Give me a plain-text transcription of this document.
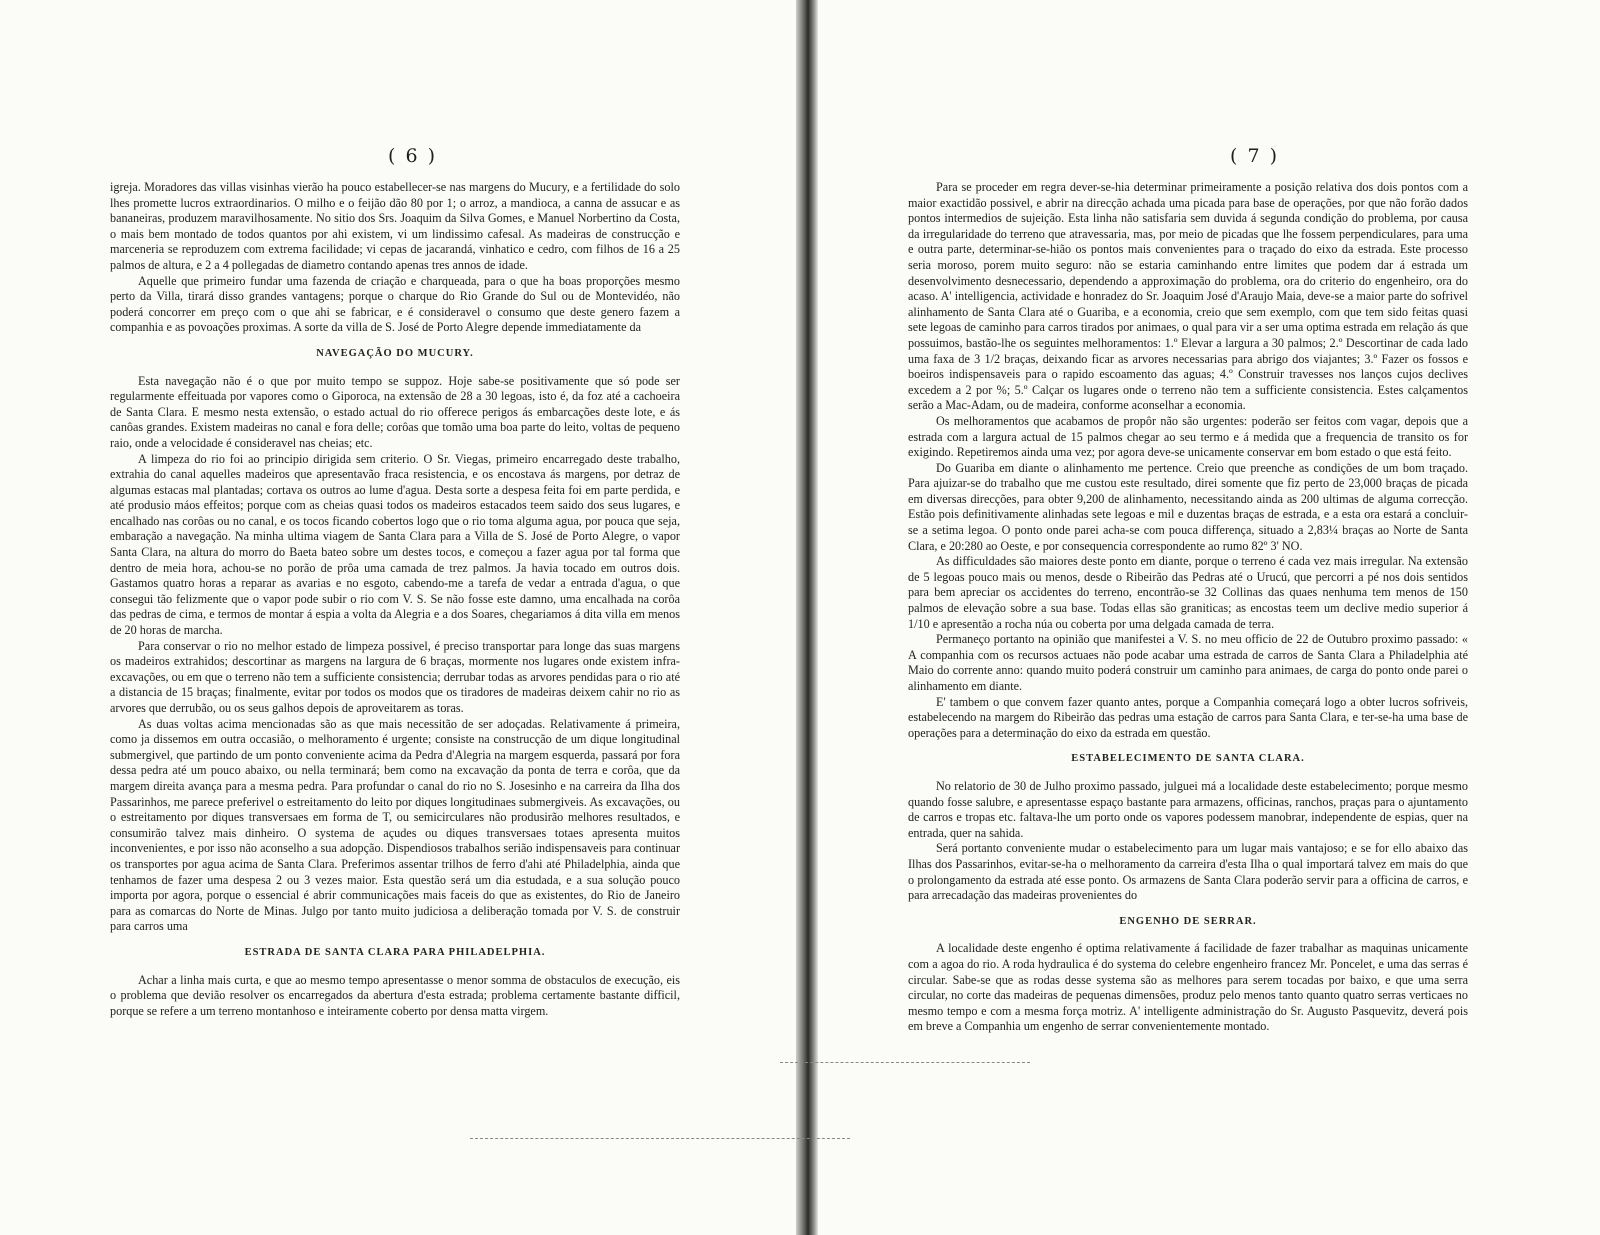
( 6 )

igreja. Moradores das villas visinhas vierão ha pouco estabellecer-se nas margens do Mucury, e a fertilidade do solo lhes promette lucros extraordinarios. O milho e o feijão dão 80 por 1; o arroz, a mandioca, a canna de assucar e as bananeiras, produzem maravilhosamente. No sitio dos Srs. Joaquim da Silva Gomes, e Manuel Norbertino da Costa, o mais bem montado de todos quantos por ahi existem, vi um lindissimo cafesal. As madeiras de construcção e marceneria se reproduzem com extrema facilidade; vi cepas de jacarandá, vinhatico e cedro, com filhos de 16 a 25 palmos de altura, e 2 a 4 pollegadas de diametro contando apenas tres annos de idade.

Aquelle que primeiro fundar uma fazenda de criação e charqueada, para o que ha boas proporções mesmo perto da Villa, tirará disso grandes vantagens; porque o charque do Rio Grande do Sul ou de Montevidéo, não poderá concorrer em preço com o que ahi se fabricar, e é consideravel o consumo que deste genero fazem a companhia e as povoações proximas. A sorte da villa de S. José de Porto Alegre depende immediatamente da

NAVEGAÇÃO DO MUCURY.

Esta navegação não é o que por muito tempo se suppoz. Hoje sabe-se positivamente que só pode ser regularmente effeituada por vapores como o Giporoca, na extensão de 28 a 30 legoas, isto é, da foz até a cachoeira de Santa Clara. E mesmo nesta extensão, o estado actual do rio offerece perigos ás embarcações deste lote, e ás canôas grandes. Existem madeiras no canal e fora delle; corôas que tomão uma boa parte do leito, voltas de pequeno raio, onde a velocidade é consideravel nas cheias; etc.

A limpeza do rio foi ao principio dirigida sem criterio. O Sr. Viegas, primeiro encarregado deste trabalho, extrahia do canal aquelles madeiros que apresentavão fraca resistencia, e os encostava ás margens, por detraz de algumas estacas mal plantadas; cortava os outros ao lume d'agua. Desta sorte a despesa feita foi em parte perdida, e até produsio máos effeitos; porque com as cheias quasi todos os madeiros estacados teem saido dos seus lugares, e encalhado nas corôas ou no canal, e os tocos ficando cobertos logo que o rio toma alguma agua, por pouca que seja, embaração a navegação. Na minha ultima viagem de Santa Clara para a Villa de S. José de Porto Alegre, o vapor Santa Clara, na altura do morro do Baeta bateo sobre um destes tocos, e começou a fazer agua por tal forma que dentro de meia hora, achou-se no porão de prôa uma camada de trez palmos. Ja havia tocado em outros dois. Gastamos quatro horas a reparar as avarias e no esgoto, cabendo-me a tarefa de vedar a entrada d'agua, o que consegui tão felizmente que o vapor pode subir o rio com V. S. Se não fosse este damno, uma encalhada na corôa das pedras de cima, e termos de montar á espia a volta da Alegria e a dos Soares, chegariamos á dita villa em menos de 20 horas de marcha.

Para conservar o rio no melhor estado de limpeza possivel, é preciso transportar para longe das suas margens os madeiros extrahidos; descortinar as margens na largura de 6 braças, mormente nos lugares onde existem infra-excavações, ou em que o terreno não tem a sufficiente consistencia; derrubar todas as arvores pendidas para o rio até a distancia de 15 braças; finalmente, evitar por todos os modos que os tiradores de madeiras deixem cahir no rio as arvores que derrubão, ou os seus galhos depois de aproveitarem as toras.

As duas voltas acima mencionadas são as que mais necessitão de ser adoçadas. Relativamente á primeira, como ja dissemos em outra occasião, o melhoramento é urgente; consiste na construcção de um dique longitudinal submergivel, que partindo de um ponto conveniente acima da Pedra d'Alegria na margem esquerda, passará por fora dessa pedra até um pouco abaixo, ou nella terminará; bem como na excavação da ponta de terra e corôa, que da margem direita avança para a mesma pedra. Para profundar o canal do rio no S. Josesinho e na carreira da Ilha dos Passarinhos, me parece preferivel o estreitamento do leito por diques longitudinaes submergiveis. As excavações, ou o estreitamento por diques transversaes em forma de T, ou semicirculares não produsirão melhores resultados, e consumirão talvez mais dinheiro. O systema de açudes ou diques transversaes totaes apresenta muitos inconvenientes, e por isso não aconselho a sua adopção. Dispendiosos trabalhos serião indispensaveis para continuar os transportes por agua acima de Santa Clara. Preferimos assentar trilhos de ferro d'ahi até Philadelphia, ainda que tenhamos de fazer uma despesa 2 ou 3 vezes maior. Esta questão será um dia estudada, e a sua solução pouco importa por agora, porque o essencial é abrir communicações mais faceis do que as existentes, do Rio de Janeiro para as comarcas do Norte de Minas. Julgo por tanto muito judiciosa a deliberação tomada por V. S. de construir para carros uma

ESTRADA DE SANTA CLARA PARA PHILADELPHIA.

Achar a linha mais curta, e que ao mesmo tempo apresentasse o menor somma de obstaculos de execução, eis o problema que devião resolver os encarregados da abertura d'esta estrada; problema certamente bastante difficil, porque se refere a um terreno montanhoso e inteiramente coberto por densa matta virgem.

( 7 )

Para se proceder em regra dever-se-hia determinar primeiramente a posição relativa dos dois pontos com a maior exactidão possivel, e abrir na direcção achada uma picada para base de operações, por que não forão dados pontos intermedios de sujeição. Esta linha não satisfaria sem duvida á segunda condição do problema, por causa da irregularidade do terreno que atravessaria, mas, por meio de picadas que lhe fossem perpendiculares, para uma e outra parte, determinar-se-hião os pontos mais convenientes para o traçado do eixo da estrada. Este processo seria moroso, porem muito seguro: não se estaria caminhando entre limites que podem dar á estrada um desenvolvimento desnecessario, dependendo a approximação do problema, ora do criterio do engenheiro, ora do acaso. A' intelligencia, actividade e honradez do Sr. Joaquim José d'Araujo Maia, deve-se a maior parte do sofrivel alinhamento de Santa Clara até o Guariba, e a economia, creio que sem exemplo, com que tem sido feitas quasi sete legoas de caminho para carros tirados por animaes, o qual para vir a ser uma optima estrada em relação ás que possuimos, bastão-lhe os seguintes melhoramentos: 1.º Elevar a largura a 30 palmos; 2.º Descortinar de cada lado uma faxa de 3 1/2 braças, deixando ficar as arvores necessarias para abrigo dos viajantes; 3.º Fazer os fossos e boeiros indispensaveis para o rapido escoamento das aguas; 4.º Construir travesses nos lanços cujos declives excedem a 2 por %; 5.º Calçar os lugares onde o terreno não tem a sufficiente consistencia. Estes calçamentos serão a Mac-Adam, ou de madeira, conforme aconselhar a economia.

Os melhoramentos que acabamos de propôr não são urgentes: poderão ser feitos com vagar, depois que a estrada com a largura actual de 15 palmos chegar ao seu termo e á medida que a frequencia de transito os for exigindo. Repetiremos ainda uma vez; por agora deve-se unicamente conservar em bom estado o que está feito.

Do Guariba em diante o alinhamento me pertence. Creio que preenche as condições de um bom traçado. Para ajuizar-se do trabalho que me custou este resultado, direi somente que fiz perto de 23,000 braças de picada em diversas direcções, para obter 9,200 de alinhamento, necessitando ainda as 200 ultimas de alguma correcção. Estão pois definitivamente alinhadas sete legoas e mil e duzentas braças de estrada, e a esta ora estará a concluir-se a setima legoa. O ponto onde parei acha-se com pouca differença, situado a 2,83¼ braças ao Norte de Santa Clara, e 20:280 ao Oeste, e por consequencia correspondente ao rumo 82º 3' NO.

As difficuldades são maiores deste ponto em diante, porque o terreno é cada vez mais irregular. Na extensão de 5 legoas pouco mais ou menos, desde o Ribeirão das Pedras até o Urucú, que percorri a pé nos dois sentidos para bem apreciar os accidentes do terreno, encontrão-se 32 Collinas das quaes nenhuma tem menos de 150 palmos de elevação sobre a sua base. Todas ellas são graniticas; as encostas teem um declive medio superior á 1/10 e apresentão a rocha núa ou coberta por uma delgada camada de terra.

Permaneço portanto na opinião que manifestei a V. S. no meu officio de 22 de Outubro proximo passado: « A companhia com os recursos actuaes não pode acabar uma estrada de carros de Santa Clara a Philadelphia até Maio do corrente anno: quando muito poderá construir um caminho para animaes, de carga do ponto onde parei o alinhamento em diante.

E' tambem o que convem fazer quanto antes, porque a Companhia começará logo a obter lucros sofriveis, estabelecendo na margem do Ribeirão das pedras uma estação de carros para Santa Clara, e ter-se-ha uma base de operações para a determinação do eixo da estrada em questão.

ESTABELECIMENTO DE SANTA CLARA.

No relatorio de 30 de Julho proximo passado, julguei má a localidade deste estabelecimento; porque mesmo quando fosse salubre, e apresentasse espaço bastante para armazens, officinas, ranchos, praças para o ajuntamento de carros e tropas etc. faltava-lhe um porto onde os vapores podessem manobrar, independente de espias, quer na entrada, quer na sahida.

Será portanto conveniente mudar o estabelecimento para um lugar mais vantajoso; e se for ello abaixo das Ilhas dos Passarinhos, evitar-se-ha o melhoramento da carreira d'esta Ilha o qual importará talvez em mais do que o prolongamento da estrada até esse ponto. Os armazens de Santa Clara poderão servir para a officina de carros, e para arrecadação das madeiras provenientes do

ENGENHO DE SERRAR.

A localidade deste engenho é optima relativamente á facilidade de fazer trabalhar as maquinas unicamente com a agoa do rio. A roda hydraulica é do systema do celebre engenheiro francez Mr. Poncelet, e uma das serras é circular. Sabe-se que as rodas desse systema são as melhores para serem tocadas por baixo, e que uma serra circular, no corte das madeiras de pequenas dimensões, produz pelo menos tanto quanto quatro serras verticaes no mesmo tempo e com a mesma força motriz. A' intelligente administração do Sr. Augusto Pasquevitz, deverá pois em breve a Companhia um engenho de serrar convenientemente montado.
